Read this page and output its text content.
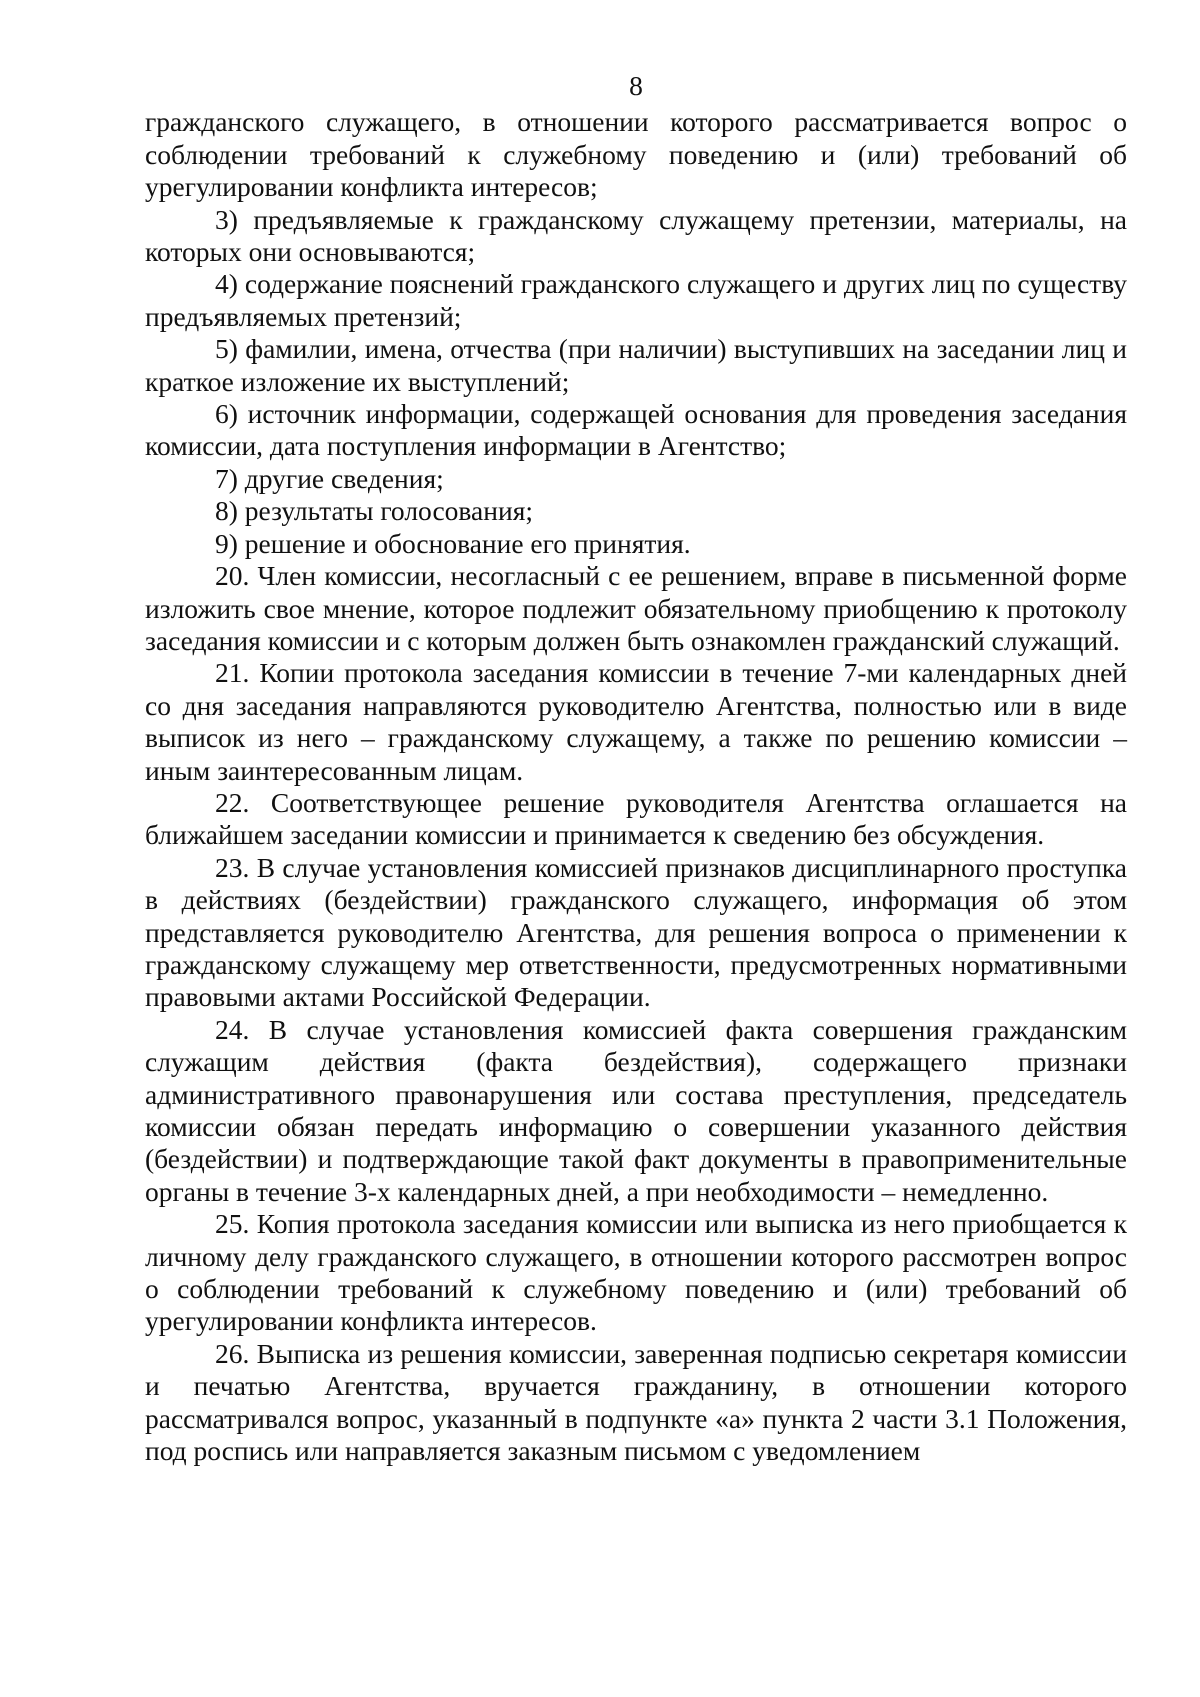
8

гражданского служащего, в отношении которого рассматривается вопрос о соблюдении требований к служебному поведению и (или) требований об урегулировании конфликта интересов;

3) предъявляемые к гражданскому служащему претензии, материалы, на которых они основываются;

4) содержание пояснений гражданского служащего и других лиц по существу предъявляемых претензий;

5) фамилии, имена, отчества (при наличии) выступивших на заседании лиц и краткое изложение их выступлений;

6) источник информации, содержащей основания для проведения заседания комиссии, дата поступления информации в Агентство;

7) другие сведения;

8) результаты голосования;

9) решение и обоснование его принятия.

20. Член комиссии, несогласный с ее решением, вправе в письменной форме изложить свое мнение, которое подлежит обязательному приобщению к протоколу заседания комиссии и с которым должен быть ознакомлен гражданский служащий.

21. Копии протокола заседания комиссии в течение 7-ми календарных дней со дня заседания направляются руководителю Агентства, полностью или в виде выписок из него – гражданскому служащему, а также по решению комиссии – иным заинтересованным лицам.

22. Соответствующее решение руководителя Агентства оглашается на ближайшем заседании комиссии и принимается к сведению без обсуждения.

23. В случае установления комиссией признаков дисциплинарного проступка в действиях (бездействии) гражданского служащего, информация об этом представляется руководителю Агентства, для решения вопроса о применении к гражданскому служащему мер ответственности, предусмотренных нормативными правовыми актами Российской Федерации.

24. В случае установления комиссией факта совершения гражданским служащим действия (факта бездействия), содержащего признаки административного правонарушения или состава преступления, председатель комиссии обязан передать информацию о совершении указанного действия (бездействии) и подтверждающие такой факт документы в правоприменительные органы в течение 3-х календарных дней, а при необходимости – немедленно.

25. Копия протокола заседания комиссии или выписка из него приобщается к личному делу гражданского служащего, в отношении которого рассмотрен вопрос о соблюдении требований к служебному поведению и (или) требований об урегулировании конфликта интересов.

26. Выписка из решения комиссии, заверенная подписью секретаря комиссии и печатью Агентства, вручается гражданину, в отношении которого рассматривался вопрос, указанный в подпункте «а» пункта 2 части 3.1 Положения, под роспись или направляется заказным письмом с уведомлением
